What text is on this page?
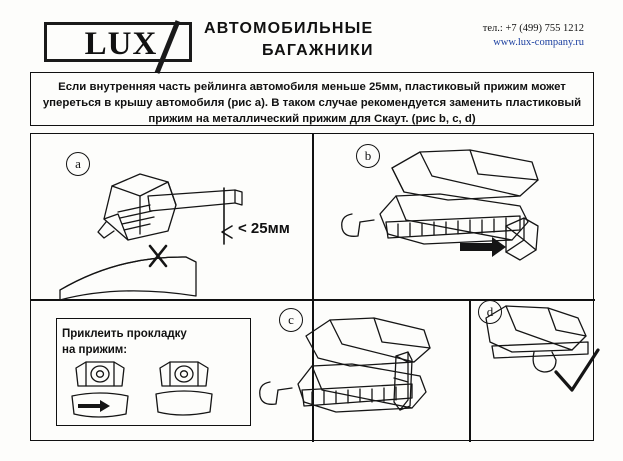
LUX	АВТОМОБИЛЬНЫЕ
БАГАЖНИКИ
тел.: +7 (499) 755 1212
www.lux-company.ru
Если внутренняя часть рейлинга автомобиля меньше 25мм, пластиковый прижим может упереться в крышу автомобиля (рис a). В таком случае рекомендуется заменить пластиковый прижим на металлический прижим для Скаут. (рис b, c, d)
a
b
c
d
< 25мм
Приклеить прокладку
на прижим:
